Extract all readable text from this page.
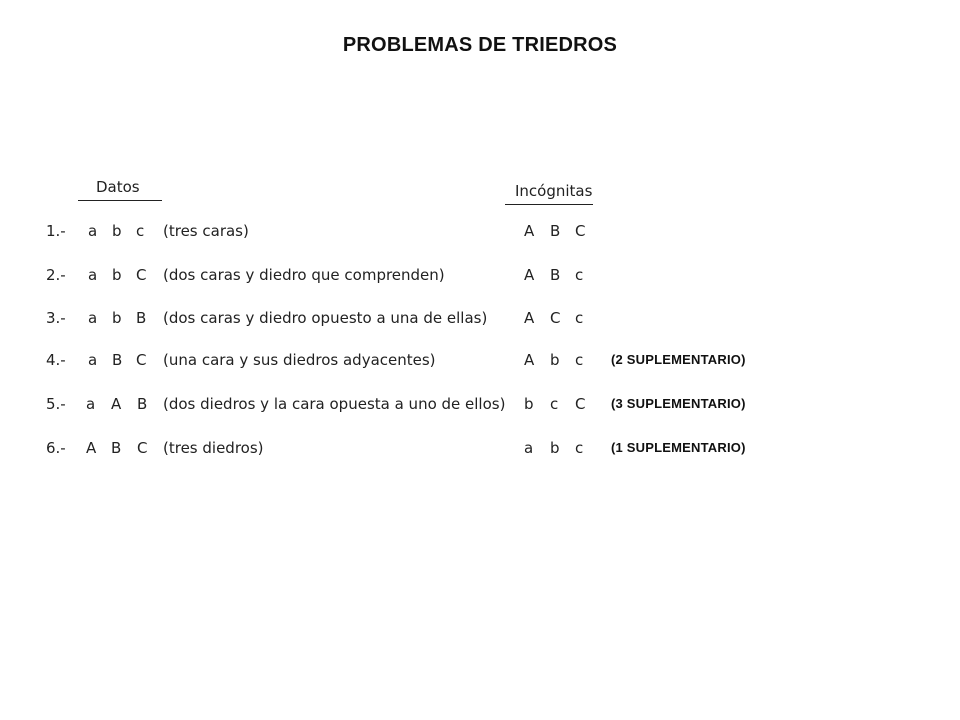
PROBLEMAS DE TRIEDROS
Datos	Incógnitas
1.- a b c (tres caras)	A B C
2.- a b C (dos caras y diedro que comprenden)	A B c
3.- a b B (dos caras y diedro opuesto a una de ellas) A C c
4.- a B C (una cara y sus diedros adyacentes)	A b c (2 SUPLEMENTARIO)
5.- a A B (dos diedros y la cara opuesta a uno de ellos) b c C (3 SUPLEMENTARIO)
6.- A B C (tres diedros)	a b c (1 SUPLEMENTARIO)
